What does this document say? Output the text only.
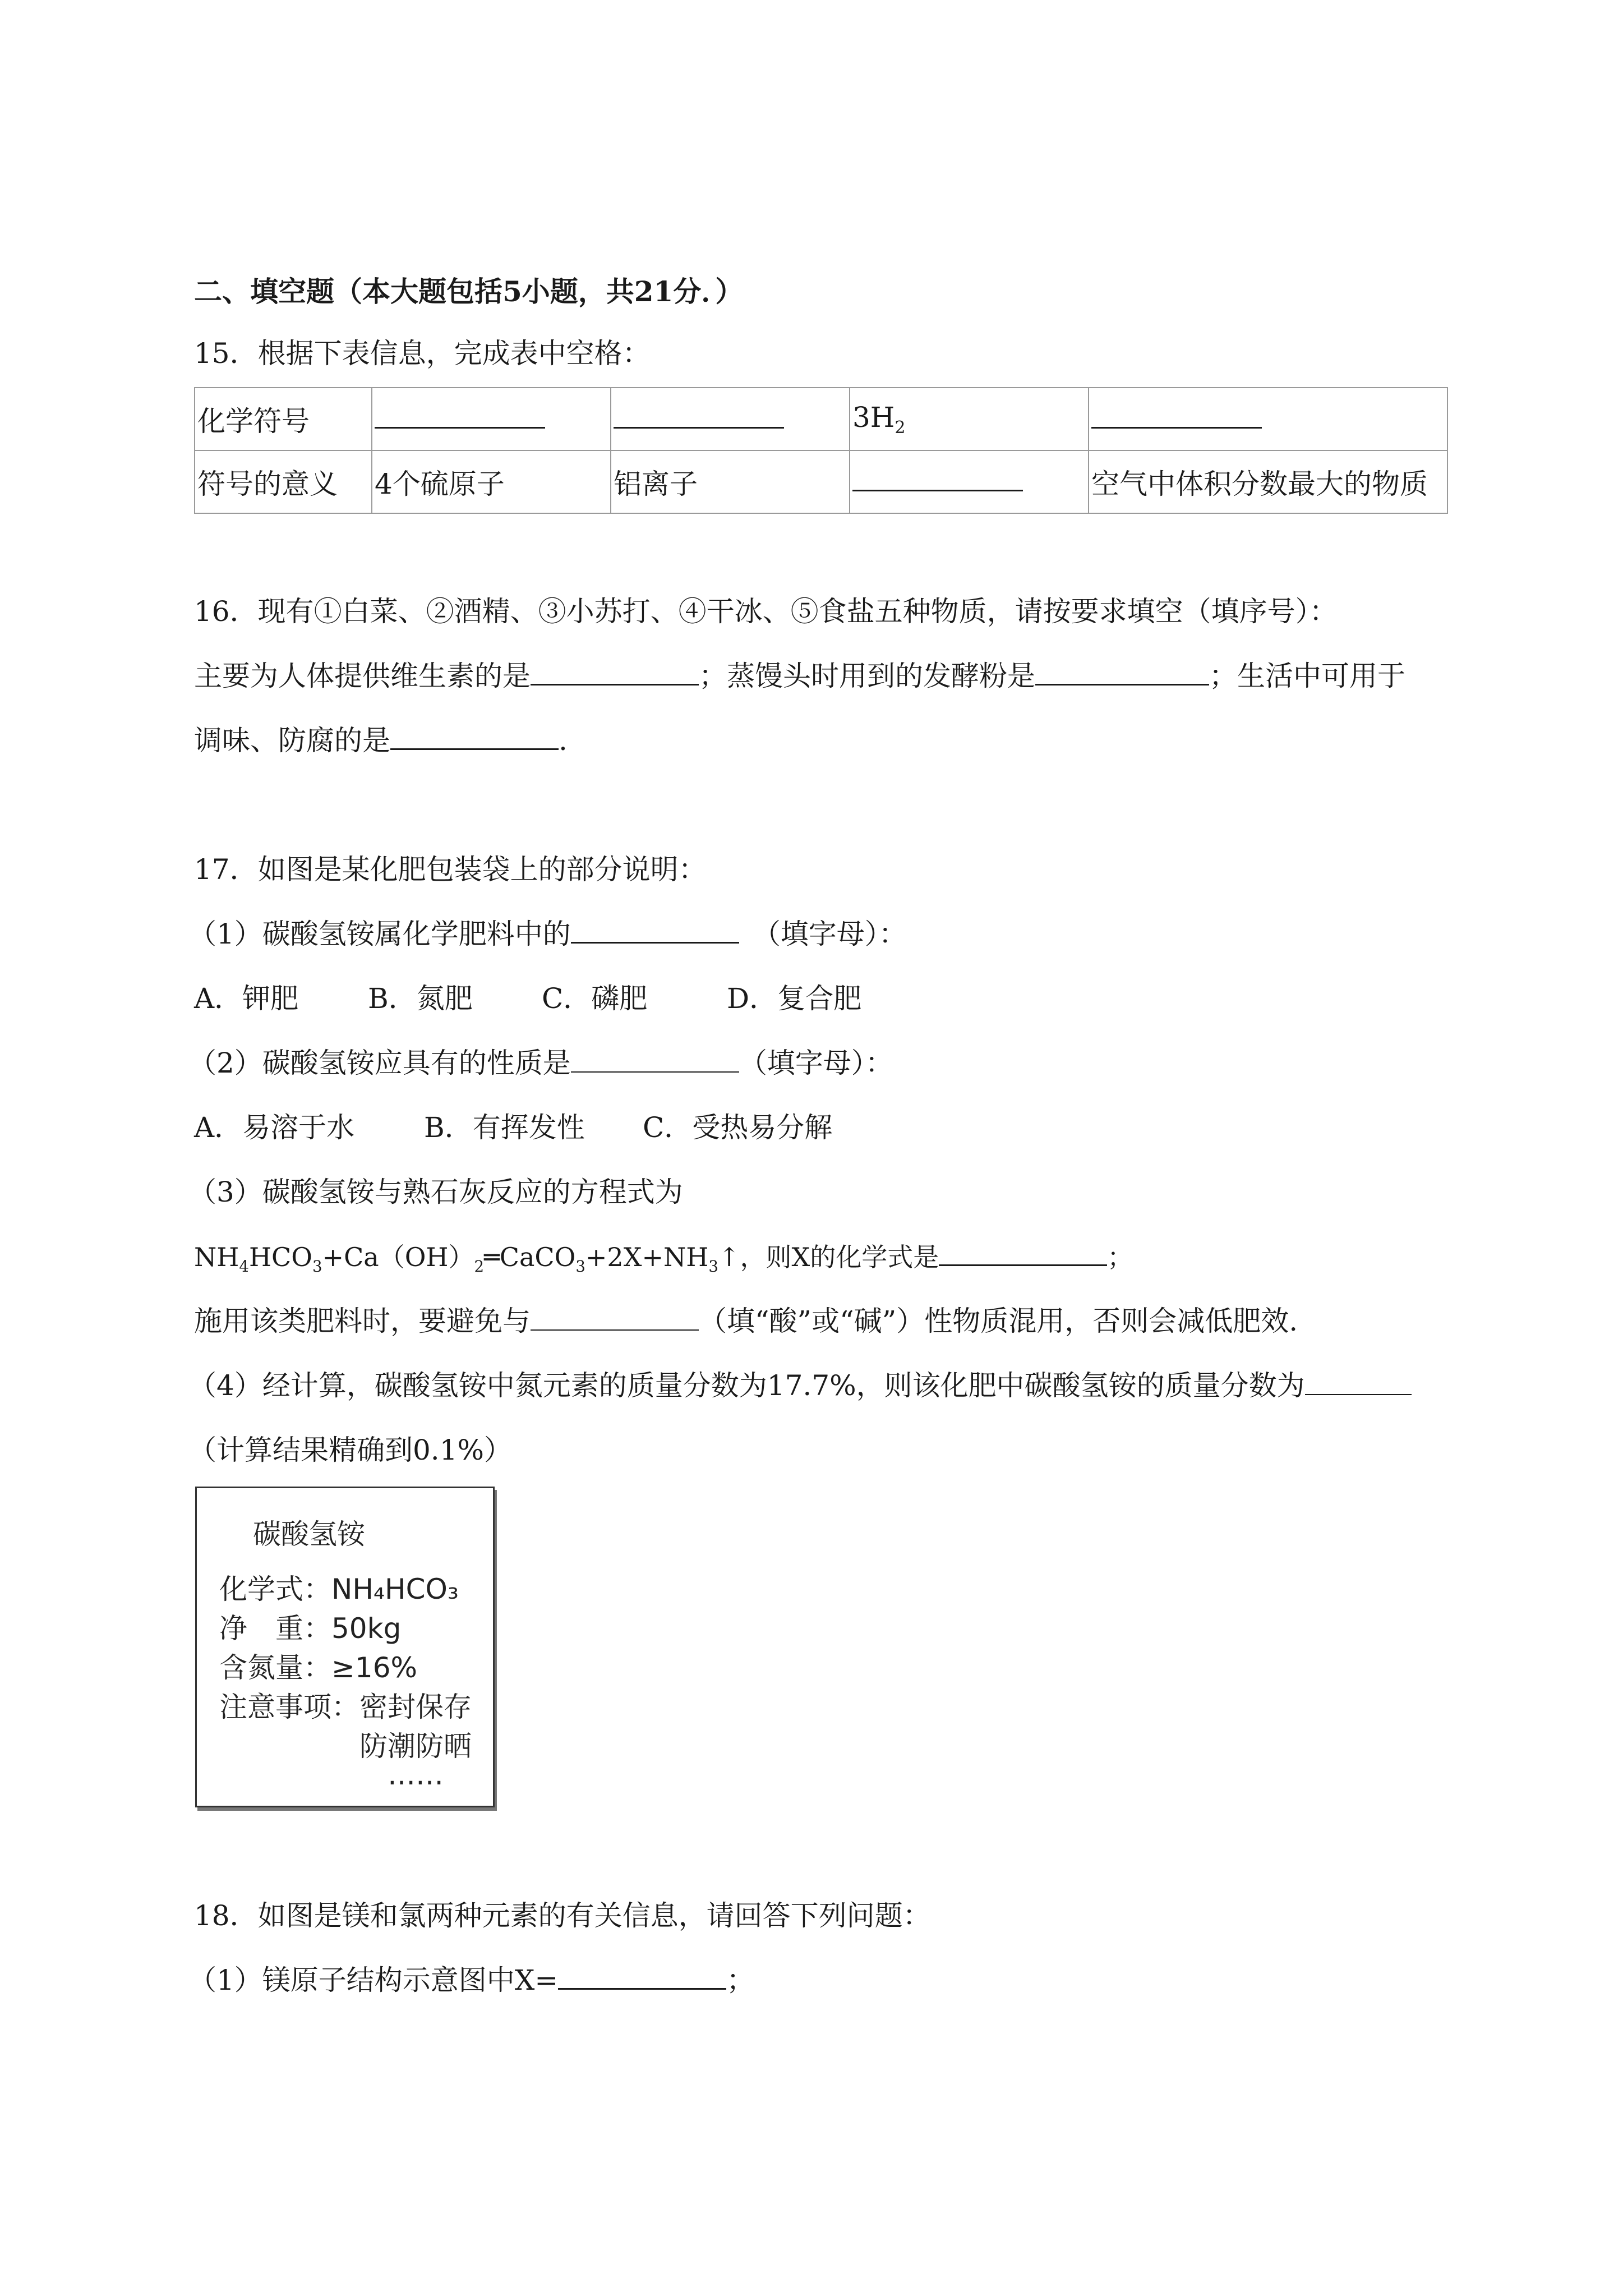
二、填空题（本大题包括5小题，共21分．）
15．根据下表信息，完成表中空格：
化学符号			$3H_2$	
符号的意义	4个硫原子	铝离子		空气中体积分数最大的物质
16．现有①白菜、②酒精、③小苏打、④干冰、⑤食盐五种物质，请按要求填空（填序号）：
主要为人体提供维生素的是	；蒸馒头时用到的发酵粉是	；生活中可用于
调味、防腐的是	.
17．如图是某化肥包装袋上的部分说明：
（1）碳酸氢铵属化学肥料中的	（填字母）：
A．钾肥 B．氮肥 C．磷肥	D．复合肥
（2）碳酸氢铵应具有的性质是	（填字母）：
A．易溶于水 B．有挥发性 C．受热易分解
（3）碳酸氢铵与熟石灰反应的方程式为
$NH_4HCO_3+Ca(OH)_2═CaCO_3+2X+NH_3↑$，则X的化学式是	；
施用该类肥料时，要避免与	（填“酸”或“碱”）性物质混用，否则会减低肥效.
（4）经计算，碳酸氢铵中氮元素的质量分数为17.7%，则该化肥中碳酸氢铵的质量分数为
（计算结果精确到0.1%）
碳酸氢铵
化学式：NH₄HCO₃
净　重：50kg
含氮量：≥16%
注意事项：密封保存
防潮防晒
……
18．如图是镁和氯两种元素的有关信息，请回答下列问题：
（1）镁原子结构示意图中X=	；
